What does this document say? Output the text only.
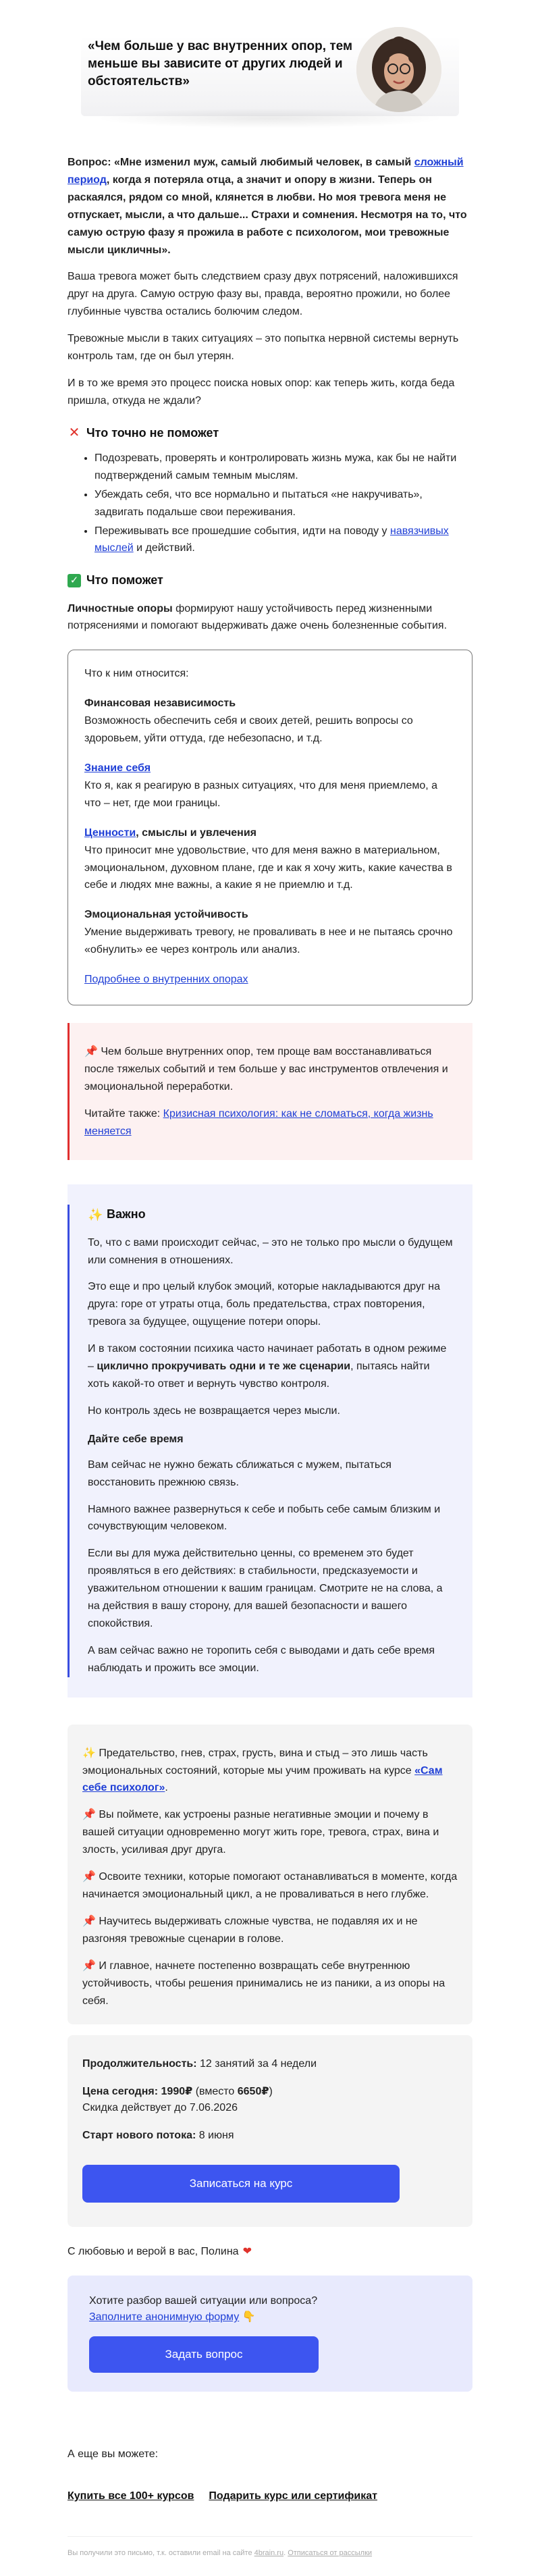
«Чем больше у вас внутренних опор, тем меньше вы зависите от других людей и обстоятельств»

Вопрос: «Мне изменил муж, самый любимый человек, в самый сложный период, когда я потеряла отца, а значит и опору в жизни. Теперь он раскаялся, рядом со мной, клянется в любви. Но моя тревога меня не отпускает, мысли, а что дальше... Страхи и сомнения. Несмотря на то, что самую острую фазу я прожила в работе с психологом, мои тревожные мысли цикличны».

Ваша тревога может быть следствием сразу двух потрясений, наложившихся друг на друга. Самую острую фазу вы, правда, вероятно прожили, но более глубинные чувства остались болючим следом.

Тревожные мысли в таких ситуациях – это попытка нервной системы вернуть контроль там, где он был утерян.

И в то же время это процесс поиска новых опор: как теперь жить, когда беда пришла, откуда не ждали?

✕ Что точно не поможет
• Подозревать, проверять и контролировать жизнь мужа, как бы не найти подтверждений самым темным мыслям.
• Убеждать себя, что все нормально и пытаться «не накручивать», задвигать подальше свои переживания.
• Переживывать все прошедшие события, идти на поводу у навязчивых мыслей и действий.
✓ Что поможет

Личностные опоры формируют нашу устойчивость перед жизненными потрясениями и помогают выдерживать даже очень болезненные события.

Что к ним относится:

Финансовая независимость

Возможность обеспечить себя и своих детей, решить вопросы со здоровьем, уйти оттуда, где небезопасно, и т.д.

Знание себя

Кто я, как я реагирую в разных ситуациях, что для меня приемлемо, а что – нет, где мои границы.

Ценности, смыслы и увлечения

Что приносит мне удовольствие, что для меня важно в материальном, эмоциональном, духовном плане, где и как я хочу жить, какие качества в себе и людях мне важны, а какие я не приемлю и т.д.

Эмоциональная устойчивость

Умение выдерживать тревогу, не проваливать в нее и не пытаясь срочно «обнулить» ее через контроль или анализ.

Подробнее о внутренних опорах

📌 Чем больше внутренних опор, тем проще вам восстанавливаться после тяжелых событий и тем больше у вас инструментов отвлечения и эмоциональной переработки.

Читайте также: Кризисная психология: как не сломаться, когда жизнь меняется

✨ Важно

То, что с вами происходит сейчас, – это не только про мысли о будущем или сомнения в отношениях.

Это еще и про целый клубок эмоций, которые накладываются друг на друга: горе от утраты отца, боль предательства, страх повторения, тревога за будущее, ощущение потери опоры.

И в таком состоянии психика часто начинает работать в одном режиме – циклично прокручивать одни и те же сценарии, пытаясь найти хоть какой-то ответ и вернуть чувство контроля.

Но контроль здесь не возвращается через мысли.

Дайте себе время

Вам сейчас не нужно бежать сближаться с мужем, пытаться восстановить прежнюю связь.

Намного важнее развернуться к себе и побыть себе самым близким и сочувствующим человеком.

Если вы для мужа действительно ценны, со временем это будет проявляться в его действиях: в стабильности, предсказуемости и уважительном отношении к вашим границам. Смотрите не на слова, а на действия в вашу сторону, для вашей безопасности и вашего спокойствия.

А вам сейчас важно не торопить себя с выводами и дать себе время наблюдать и прожить все эмоции.

✨ Предательство, гнев, страх, грусть, вина и стыд – это лишь часть эмоциональных состояний, которые мы учим проживать на курсе «Сам себе психолог».

📌 Вы поймете, как устроены разные негативные эмоции и почему в вашей ситуации одновременно могут жить горе, тревога, страх, вина и злость, усиливая друг друга.

📌 Освоите техники, которые помогают останавливаться в моменте, когда начинается эмоциональный цикл, а не проваливаться в него глубже.

📌 Научитесь выдерживать сложные чувства, не подавляя их и не разгоняя тревожные сценарии в голове.

📌 И главное, начнете постепенно возвращать себе внутреннюю устойчивость, чтобы решения принимались не из паники, а из опоры на себя.

Продолжительность: 12 занятий за 4 недели

Цена сегодня: 1990₽ (вместо 6650₽)
Скидка действует до 7.06.2026

Старт нового потока: 8 июня

Записаться на курс

С любовью и верой в вас, Полина ❤

Хотите разбор вашей ситуации или вопроса?

Заполните анонимную форму 👇

Задать вопрос

А еще вы можете:

Купить все 100+ курсов Подарить курс или сертификат
Вы получили это письмо, т.к. оставили email на сайте 4brain.ru. Отписаться от рассылки
